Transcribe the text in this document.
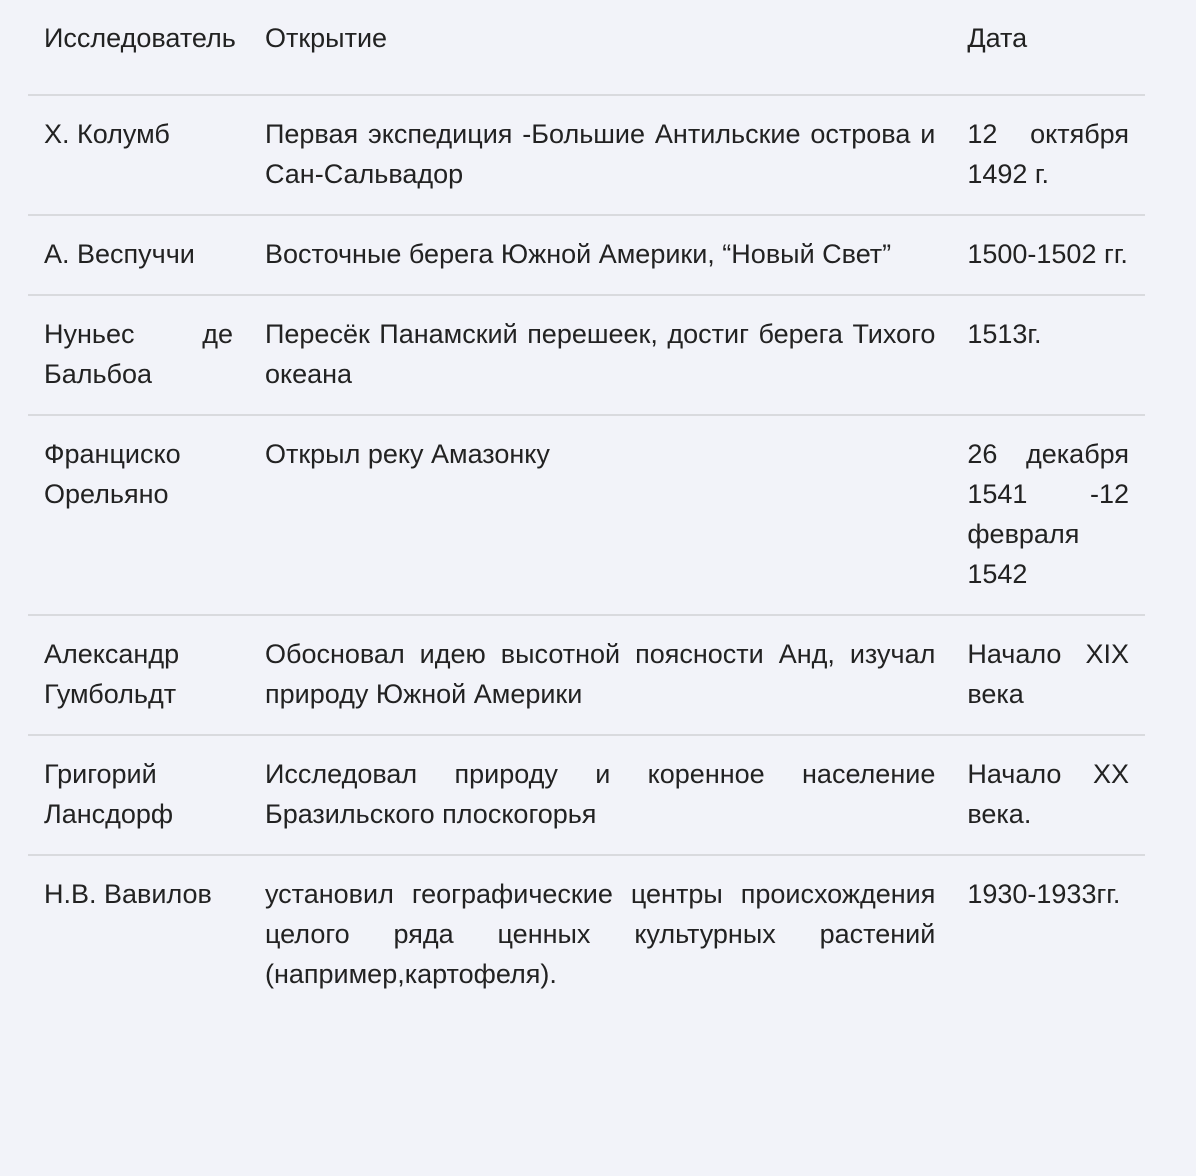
Исследователь	Открытие	Дата
Х. Колумб	Первая экспедиция -Большие Антильские острова и Сан-Сальвадор	12 октября 1492 г.
А. Веспуччи	Восточные берега Южной Америки, “Новый Свет”	1500-1502 гг.
Нуньес де Бальбоа	Пересёк Панамский перешеек, достиг берега Тихого океана	1513г.
Франциско Орельяно	Открыл реку Амазонку	26 декабря 1541 -12 февраля 1542
Александр Гумбольдт	Обосновал идею высотной поясности Анд, изучал природу Южной Америки	Начало XIX века
Григорий Лансдорф	Исследовал природу и коренное население Бразильского плоскогорья	Начало XX века.
Н.В. Вавилов	установил географические центры происхождения целого ряда ценных культурных растений (например,картофеля).	1930-1933гг.
